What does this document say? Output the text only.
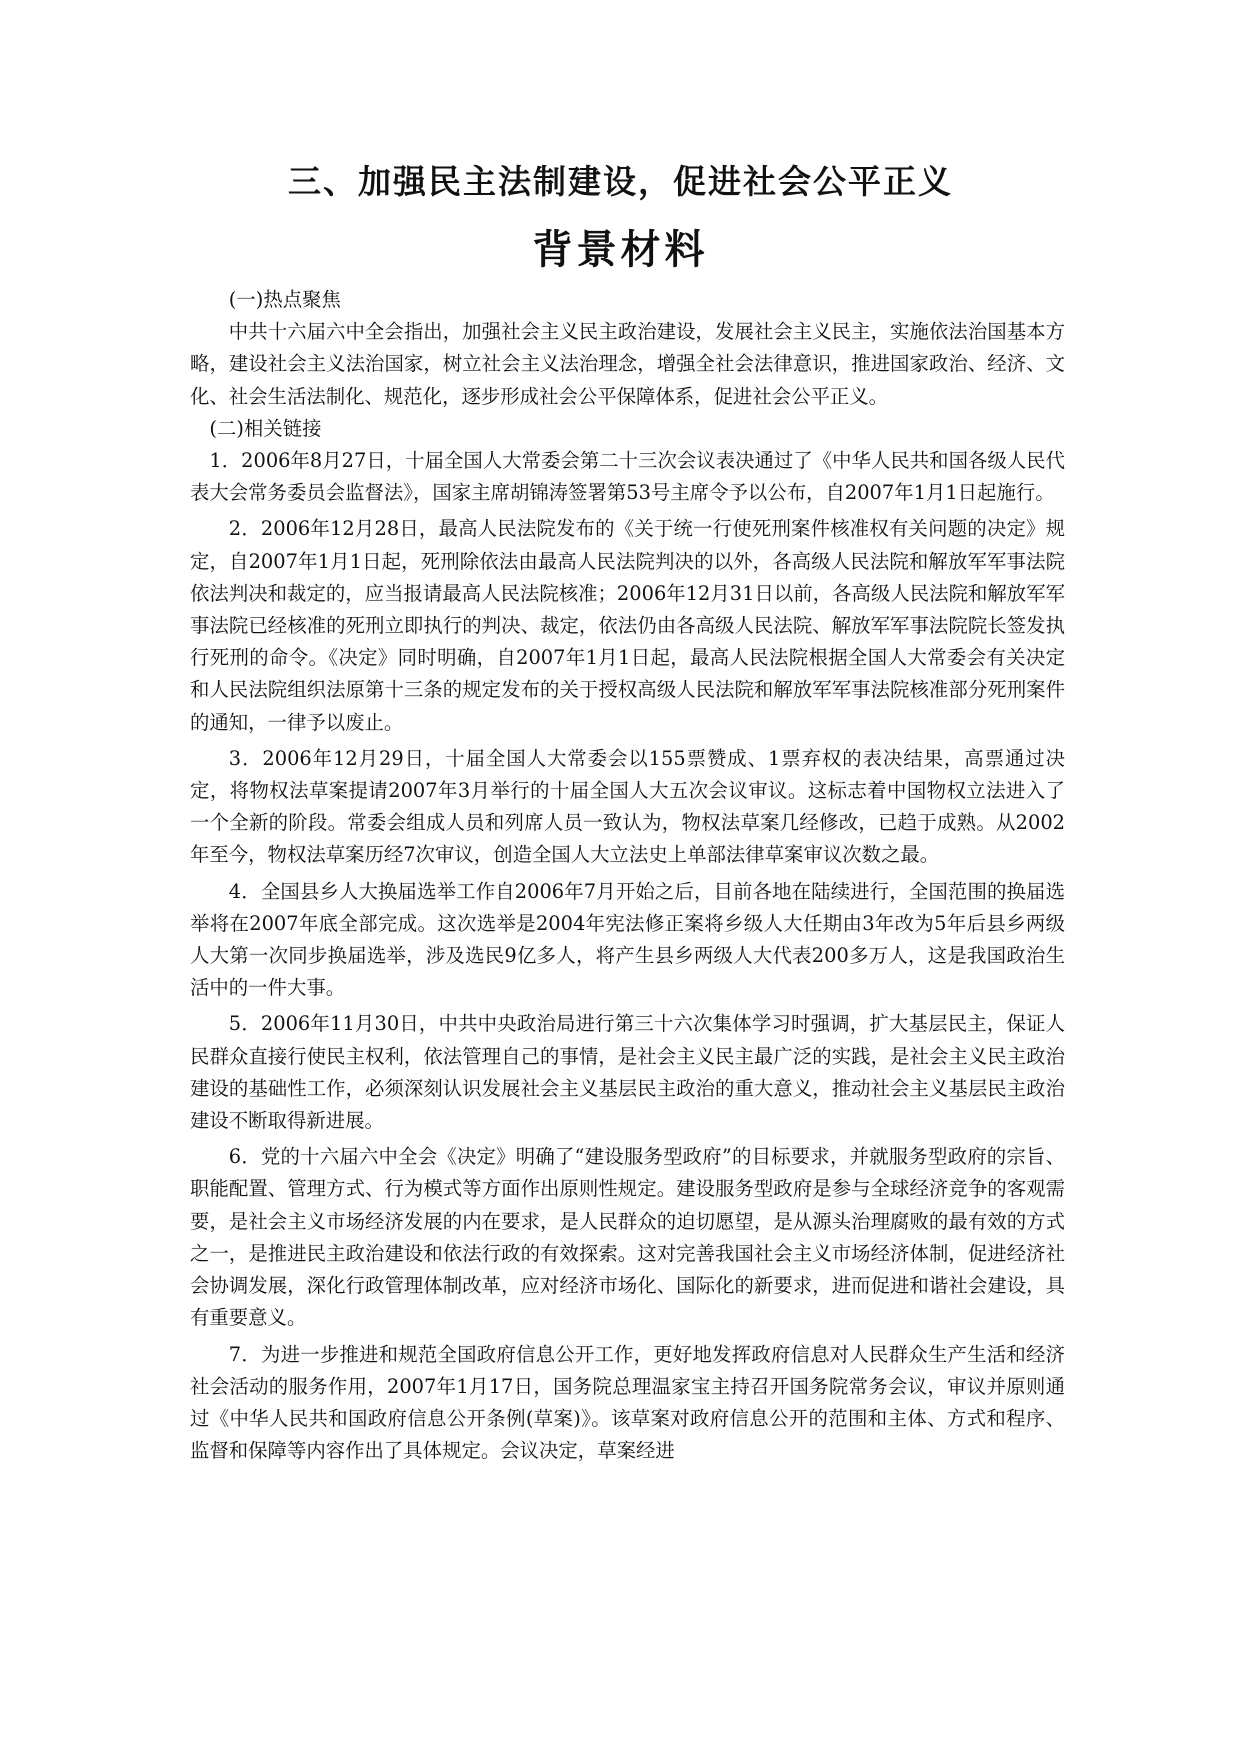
三、加强民主法制建设，促进社会公平正义
背景材料

(一)热点聚焦

中共十六届六中全会指出，加强社会主义民主政治建设，发展社会主义民主，实施依法治国基本方略，建设社会主义法治国家，树立社会主义法治理念，增强全社会法律意识，推进国家政治、经济、文化、社会生活法制化、规范化，逐步形成社会公平保障体系，促进社会公平正义。

(二)相关链接

1．2006年8月27日，十届全国人大常委会第二十三次会议表决通过了《中华人民共和国各级人民代表大会常务委员会监督法》，国家主席胡锦涛签署第53号主席令予以公布，自2007年1月1日起施行。

2．2006年12月28日，最高人民法院发布的《关于统一行使死刑案件核准权有关问题的决定》规定，自2007年1月1日起，死刑除依法由最高人民法院判决的以外，各高级人民法院和解放军军事法院依法判决和裁定的，应当报请最高人民法院核准；2006年12月31日以前，各高级人民法院和解放军军事法院已经核准的死刑立即执行的判决、裁定，依法仍由各高级人民法院、解放军军事法院院长签发执行死刑的命令。《决定》同时明确，自2007年1月1日起，最高人民法院根据全国人大常委会有关决定和人民法院组织法原第十三条的规定发布的关于授权高级人民法院和解放军军事法院核准部分死刑案件的通知，一律予以废止。

3．2006年12月29日，十届全国人大常委会以155票赞成、1票弃权的表决结果，高票通过决定，将物权法草案提请2007年3月举行的十届全国人大五次会议审议。这标志着中国物权立法进入了一个全新的阶段。常委会组成人员和列席人员一致认为，物权法草案几经修改，已趋于成熟。从2002年至今，物权法草案历经7次审议，创造全国人大立法史上单部法律草案审议次数之最。

4．全国县乡人大换届选举工作自2006年7月开始之后，目前各地在陆续进行，全国范围的换届选举将在2007年底全部完成。这次选举是2004年宪法修正案将乡级人大任期由3年改为5年后县乡两级人大第一次同步换届选举，涉及选民9亿多人，将产生县乡两级人大代表200多万人，这是我国政治生活中的一件大事。

5．2006年11月30日，中共中央政治局进行第三十六次集体学习时强调，扩大基层民主，保证人民群众直接行使民主权利，依法管理自己的事情，是社会主义民主最广泛的实践，是社会主义民主政治建设的基础性工作，必须深刻认识发展社会主义基层民主政治的重大意义，推动社会主义基层民主政治建设不断取得新进展。

6．党的十六届六中全会《决定》明确了“建设服务型政府”的目标要求，并就服务型政府的宗旨、职能配置、管理方式、行为模式等方面作出原则性规定。建设服务型政府是参与全球经济竞争的客观需要，是社会主义市场经济发展的内在要求，是人民群众的迫切愿望，是从源头治理腐败的最有效的方式之一，是推进民主政治建设和依法行政的有效探索。这对完善我国社会主义市场经济体制，促进经济社会协调发展，深化行政管理体制改革，应对经济市场化、国际化的新要求，进而促进和谐社会建设，具有重要意义。

7．为进一步推进和规范全国政府信息公开工作，更好地发挥政府信息对人民群众生产生活和经济社会活动的服务作用，2007年1月17日，国务院总理温家宝主持召开国务院常务会议，审议并原则通过《中华人民共和国政府信息公开条例(草案)》。该草案对政府信息公开的范围和主体、方式和程序、监督和保障等内容作出了具体规定。会议决定，草案经进
